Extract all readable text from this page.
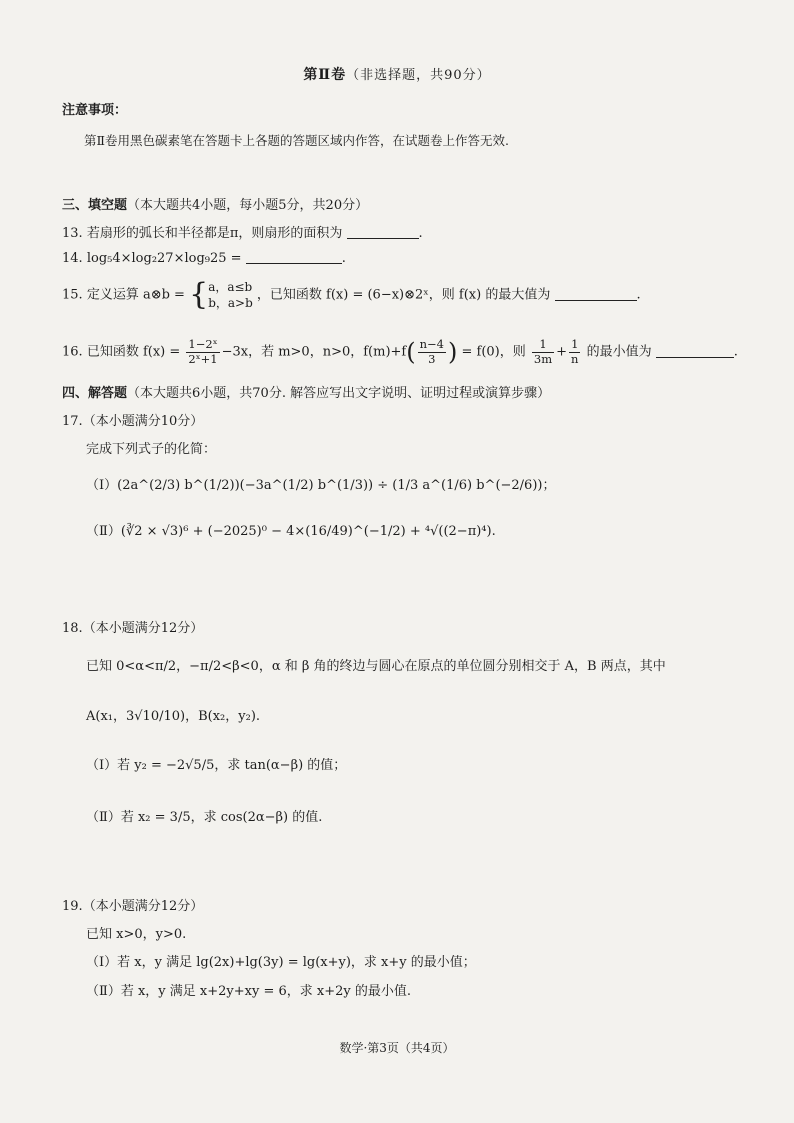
第Ⅱ卷（非选择题，共90分）
注意事项：
第Ⅱ卷用黑色碳素笔在答题卡上各题的答题区域内作答，在试题卷上作答无效.
三、填空题（本大题共4小题，每小题5分，共20分）
13. 若扇形的弧长和半径都是π，则扇形的面积为	.
14. log₅4×log₂27×log₉25 =	.
15. 定义运算 a⊗b = { a，a≤b
b，a>b
，已知函数 f(x) = (6−x)⊗2ˣ，则 f(x) 的最大值为	.
16. 已知函数 $f(x) = \frac{\text{1−2ˣ}}{\text{2ˣ+1}} -3x$，若 m>0，n>0，$f(m)+f( \frac{n-4}{3}$ ) = f(0)，则 $\frac{1}{3m} + \frac{1}{n}$ 的最小值为	.
四、解答题（本大题共6小题，共70分. 解答应写出文字说明、证明过程或演算步骤）
17.（本小题满分10分）
完成下列式子的化简：
（Ⅰ）(2a^(2/3) b^(1/2))(−3a^(1/2) b^(1/3)) ÷ (1/3 a^(1/6) b^(−2/6))；
（Ⅱ）(∛2 × √3)⁶ + (−2025)⁰ − 4×(16/49)^(−1/2) + ⁴√((2−π)⁴).
18.（本小题满分12分）
已知 0<α<π/2，−π/2<β<0，α 和 β 角的终边与圆心在原点的单位圆分别相交于 A，B 两点，其中
A(x₁，3√10/10)，B(x₂，y₂).
（Ⅰ）若 y₂ = −2√5/5，求 tan(α−β) 的值；
（Ⅱ）若 x₂ = 3/5，求 cos(2α−β) 的值.
19.（本小题满分12分）
已知 x>0，y>0.
（Ⅰ）若 x，y 满足 lg(2x)+lg(3y) = lg(x+y)，求 x+y 的最小值；
（Ⅱ）若 x，y 满足 x+2y+xy = 6，求 x+2y 的最小值.
数学·第3页（共4页）
